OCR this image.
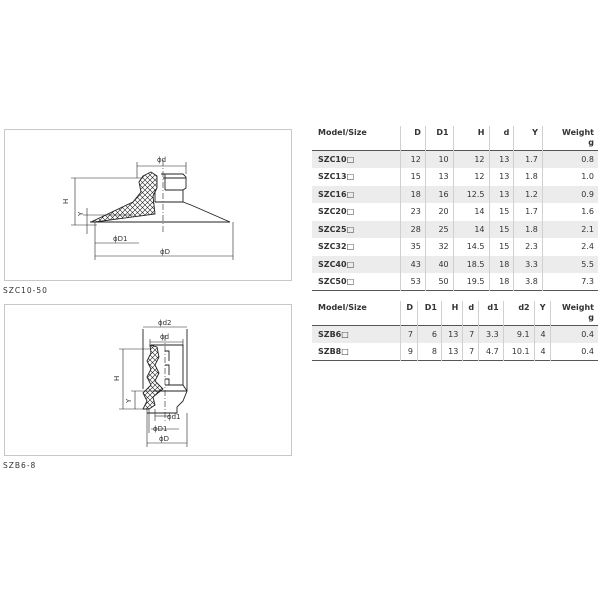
ϕd
H
Y
ϕD1
ϕD
SZC10-50
ϕd2
ϕd
H
Y
ϕd1
ϕD1
ϕD
SZB6-8
Model/Size	D	D1	H	d	Y	Weight
g
SZC10□	12	10	12	13	1.7	0.8
SZC13□	15	13	12	13	1.8	1.0
SZC16□	18	16	12.5	13	1.2	0.9
SZC20□	23	20	14	15	1.7	1.6
SZC25□	28	25	14	15	1.8	2.1
SZC32□	35	32	14.5	15	2.3	2.4
SZC40□	43	40	18.5	18	3.3	5.5
SZC50□	53	50	19.5	18	3.8	7.3
Model/Size	D	D1	H	d	d1	d2	Y	Weight
g
SZB6□	7	6	13	7	3.3	9.1	4	0.4
SZB8□	9	8	13	7	4.7	10.1	4	0.4
